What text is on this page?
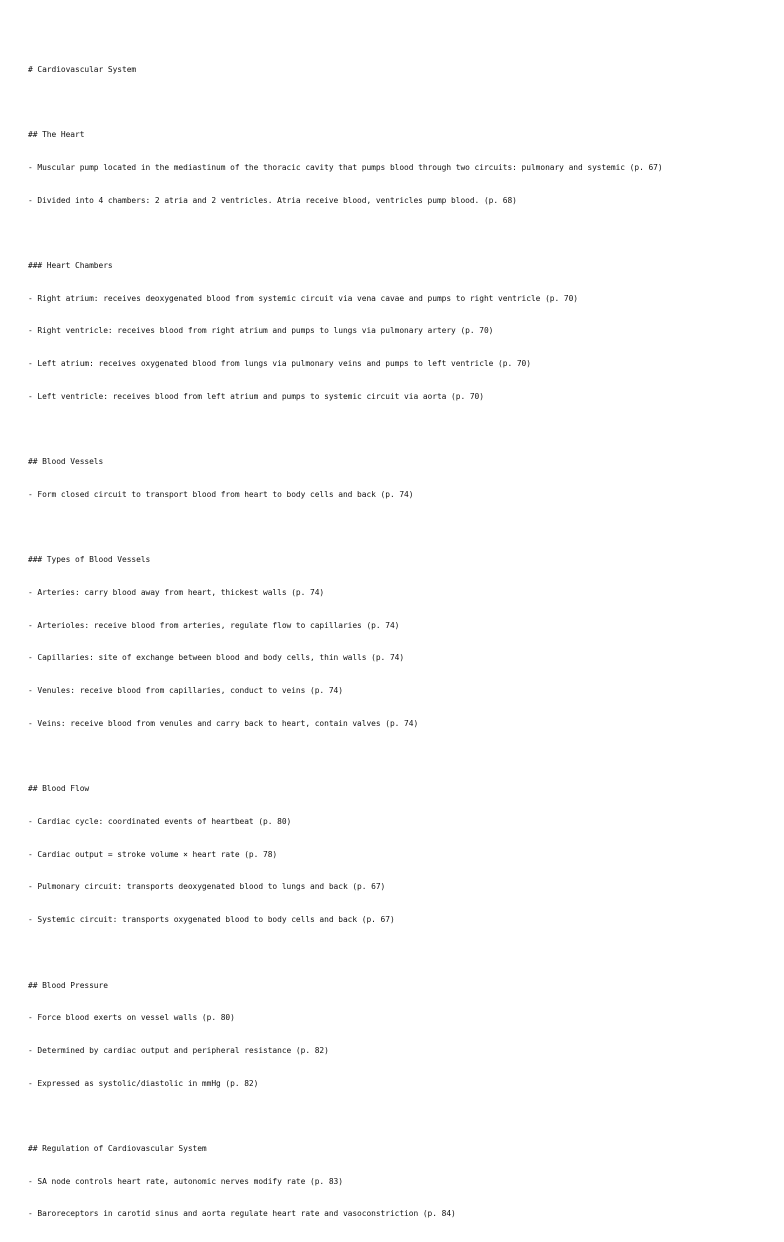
# Cardiovascular System

## The Heart

- Muscular pump located in the mediastinum of the thoracic cavity that pumps blood through two circuits: pulmonary and systemic (p. 67)

- Divided into 4 chambers: 2 atria and 2 ventricles. Atria receive blood, ventricles pump blood. (p. 68)

### Heart Chambers

- Right atrium: receives deoxygenated blood from systemic circuit via vena cavae and pumps to right ventricle (p. 70)

- Right ventricle: receives blood from right atrium and pumps to lungs via pulmonary artery (p. 70)

- Left atrium: receives oxygenated blood from lungs via pulmonary veins and pumps to left ventricle (p. 70)

- Left ventricle: receives blood from left atrium and pumps to systemic circuit via aorta (p. 70)

## Blood Vessels

- Form closed circuit to transport blood from heart to body cells and back (p. 74)

### Types of Blood Vessels

- Arteries: carry blood away from heart, thickest walls (p. 74)

- Arterioles: receive blood from arteries, regulate flow to capillaries (p. 74)

- Capillaries: site of exchange between blood and body cells, thin walls (p. 74)

- Venules: receive blood from capillaries, conduct to veins (p. 74)

- Veins: receive blood from venules and carry back to heart, contain valves (p. 74)

## Blood Flow

- Cardiac cycle: coordinated events of heartbeat (p. 80)

- Cardiac output = stroke volume × heart rate (p. 78)

- Pulmonary circuit: transports deoxygenated blood to lungs and back (p. 67)

- Systemic circuit: transports oxygenated blood to body cells and back (p. 67)

## Blood Pressure

- Force blood exerts on vessel walls (p. 80)

- Determined by cardiac output and peripheral resistance (p. 82)

- Expressed as systolic/diastolic in mmHg (p. 82)

## Regulation of Cardiovascular System

- SA node controls heart rate, autonomic nerves modify rate (p. 83)

- Baroreceptors in carotid sinus and aorta regulate heart rate and vasoconstriction (p. 84)
